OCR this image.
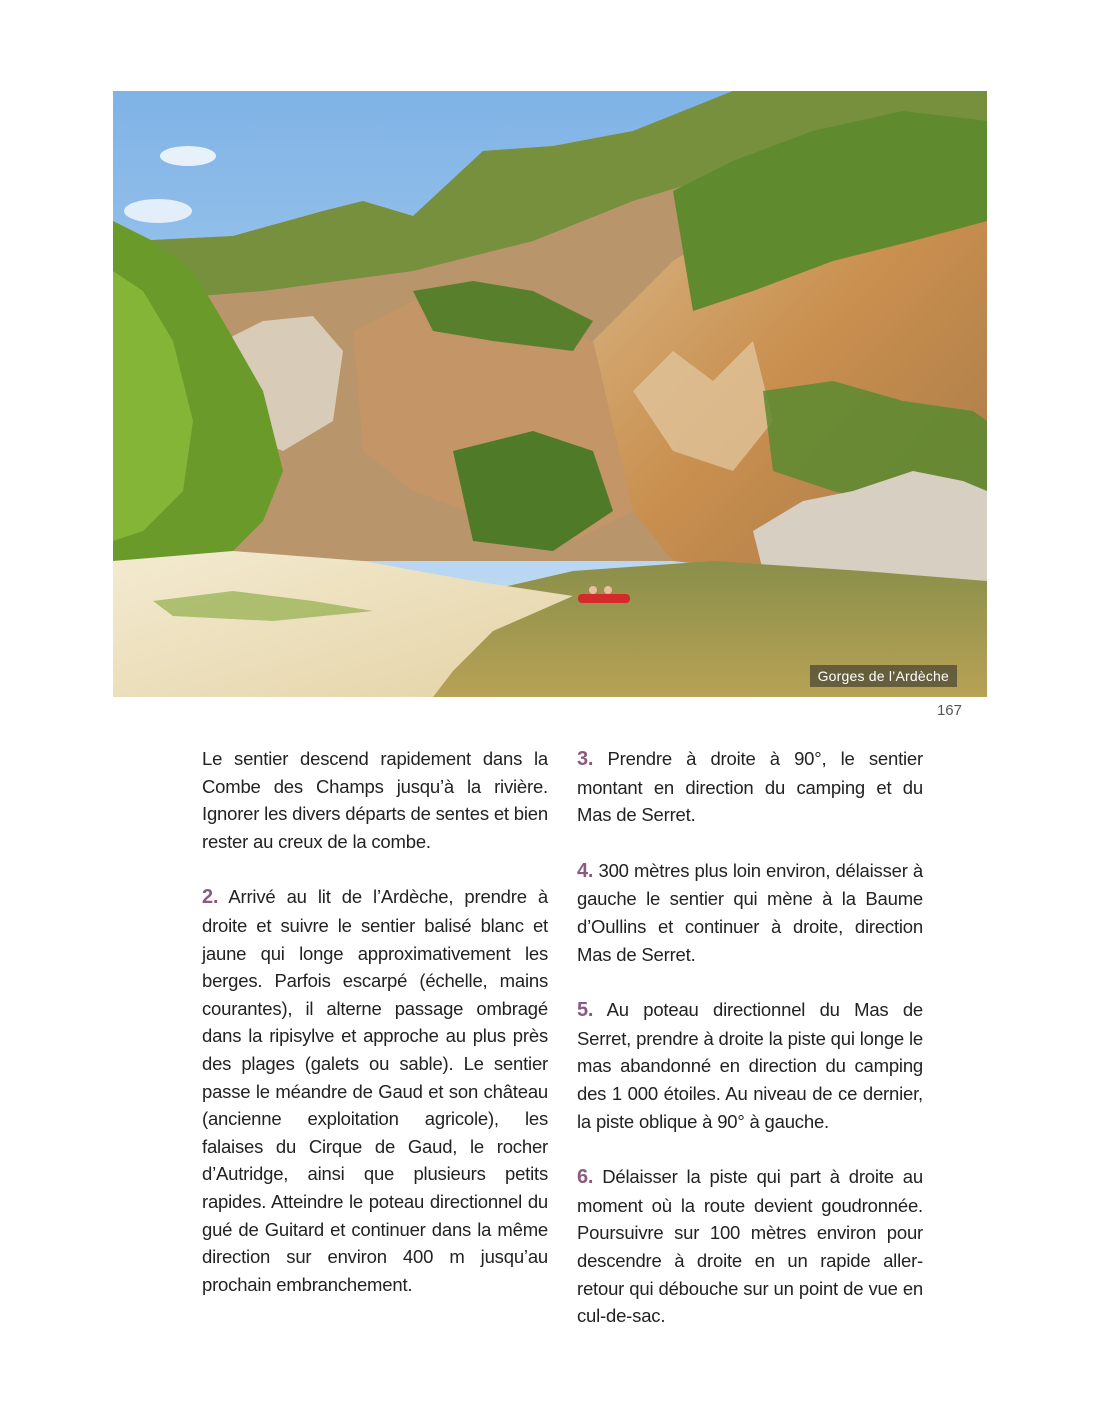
Gorges de l’Ardèche
167

Le sentier descend rapidement dans la Combe des Champs jusqu’à la rivière. Ignorer les divers départs de sentes et bien rester au creux de la combe.

2. Arrivé au lit de l’Ardèche, prendre à droite et suivre le sentier balisé blanc et jaune qui longe approximativement les berges. Parfois escarpé (échelle, mains courantes), il alterne passage ombragé dans la ripisylve et approche au plus près des plages (galets ou sable). Le sentier passe le méandre de Gaud et son château (ancienne exploitation agricole), les falaises du Cirque de Gaud, le rocher d’Autridge, ainsi que plusieurs petits rapides. Atteindre le poteau directionnel du gué de Guitard et continuer dans la même direction sur environ 400 m jusqu’au prochain embranchement.

3. Prendre à droite à 90°, le sentier montant en direction du camping et du Mas de Serret.

4. 300 mètres plus loin environ, délaisser à gauche le sentier qui mène à la Baume d’Oullins et continuer à droite, direction Mas de Serret.

5. Au poteau directionnel du Mas de Serret, prendre à droite la piste qui longe le mas abandonné en direction du camping des 1 000 étoiles. Au niveau de ce dernier, la piste oblique à 90° à gauche.

6. Délaisser la piste qui part à droite au moment où la route devient goudronnée. Poursuivre sur 100 mètres environ pour descendre à droite en un rapide aller-retour qui débouche sur un point de vue en cul-de-sac.
